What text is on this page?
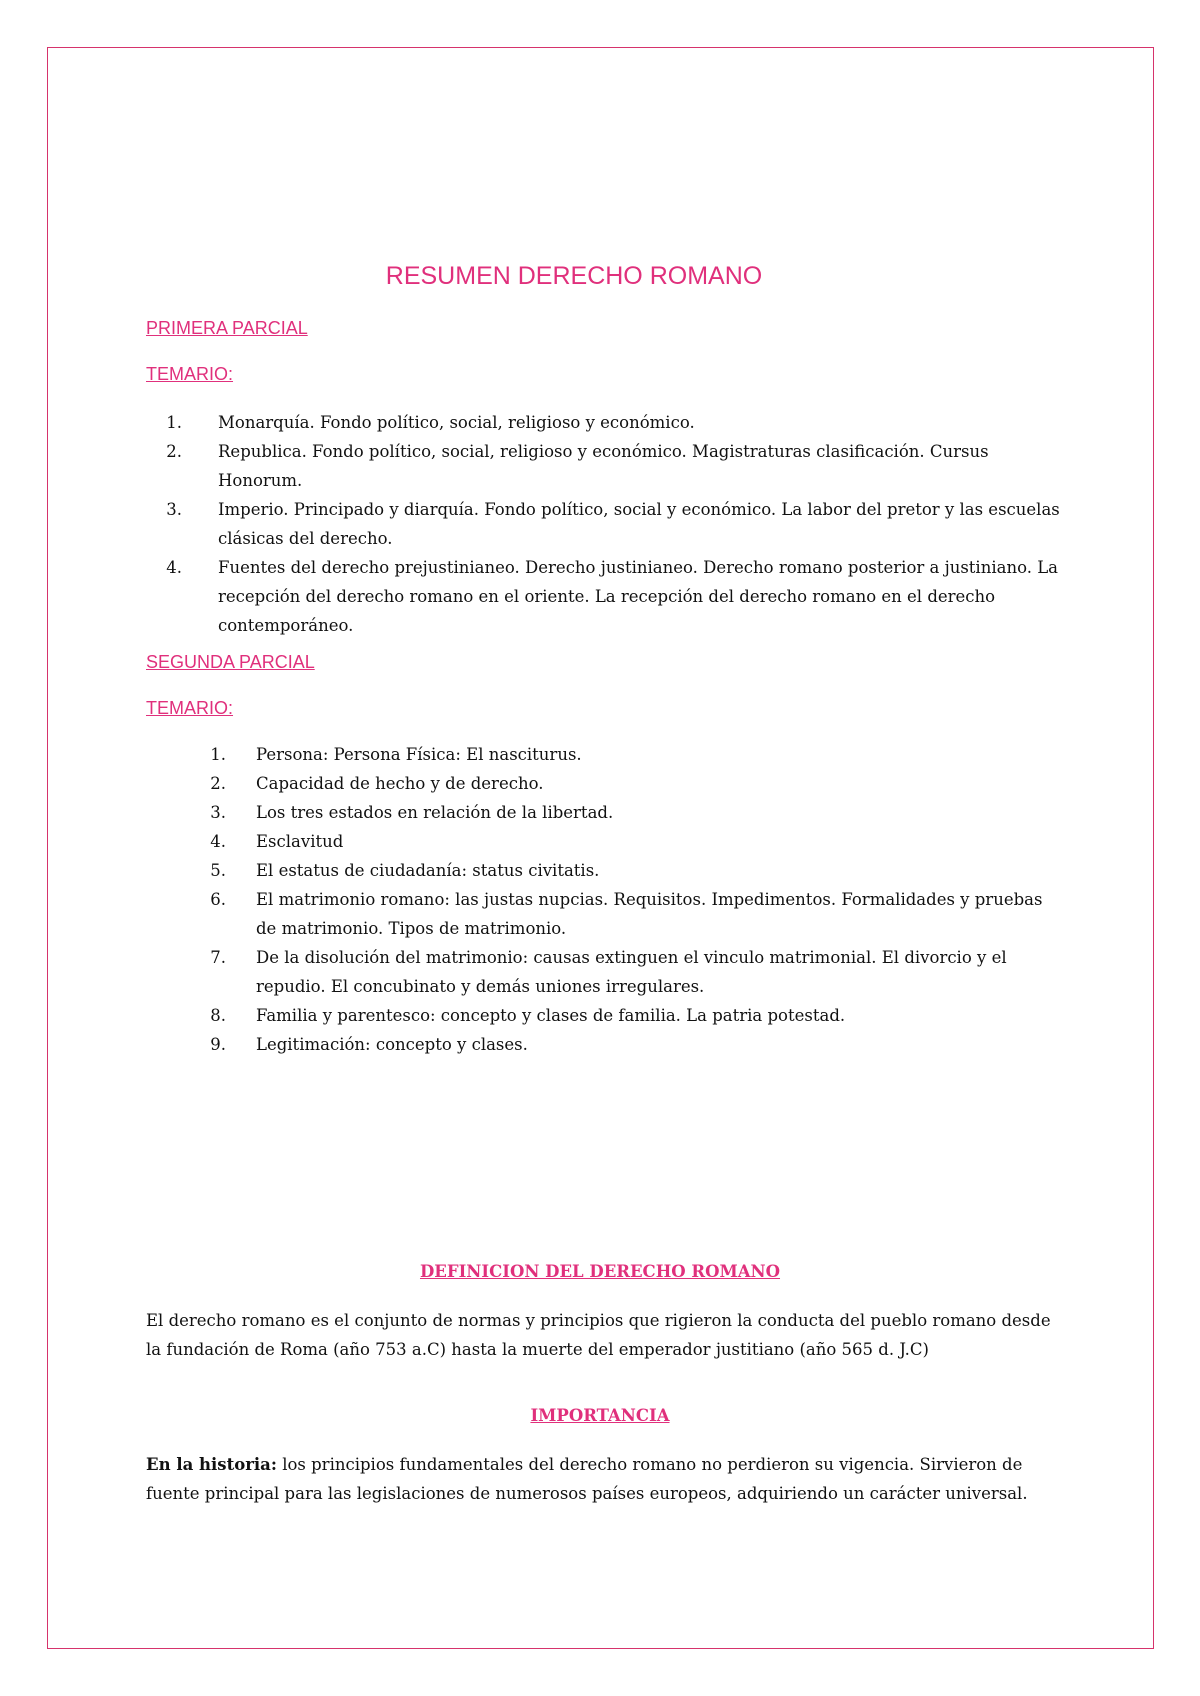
RESUMEN DERECHO ROMANO

PRIMERA PARCIAL

TEMARIO:

1. Monarquía. Fondo político, social, religioso y económico.
2. Republica. Fondo político, social, religioso y económico. Magistraturas clasificación. Cursus Honorum.
3. Imperio. Principado y diarquía. Fondo político, social y económico. La labor del pretor y las escuelas clásicas del derecho.
4. Fuentes del derecho prejustinianeo. Derecho justinianeo. Derecho romano posterior a justiniano. La recepción del derecho romano en el oriente. La recepción del derecho romano en el derecho contemporáneo.

SEGUNDA PARCIAL

TEMARIO:

1. Persona: Persona Física: El nasciturus.
2. Capacidad de hecho y de derecho.
3. Los tres estados en relación de la libertad.
4. Esclavitud
5. El estatus de ciudadanía: status civitatis.
6. El matrimonio romano: las justas nupcias. Requisitos. Impedimentos. Formalidades y pruebas de matrimonio. Tipos de matrimonio.
7. De la disolución del matrimonio: causas extinguen el vinculo matrimonial. El divorcio y el repudio. El concubinato y demás uniones irregulares.
8. Familia y parentesco: concepto y clases de familia. La patria potestad.
9. Legitimación: concepto y clases.

DEFINICION DEL DERECHO ROMANO

El derecho romano es el conjunto de normas y principios que rigieron la conducta del pueblo romano desde la fundación de Roma (año 753 a.C) hasta la muerte del emperador justitiano (año 565 d. J.C)

IMPORTANCIA

En la historia: los principios fundamentales del derecho romano no perdieron su vigencia. Sirvieron de fuente principal para las legislaciones de numerosos países europeos, adquiriendo un carácter universal.
